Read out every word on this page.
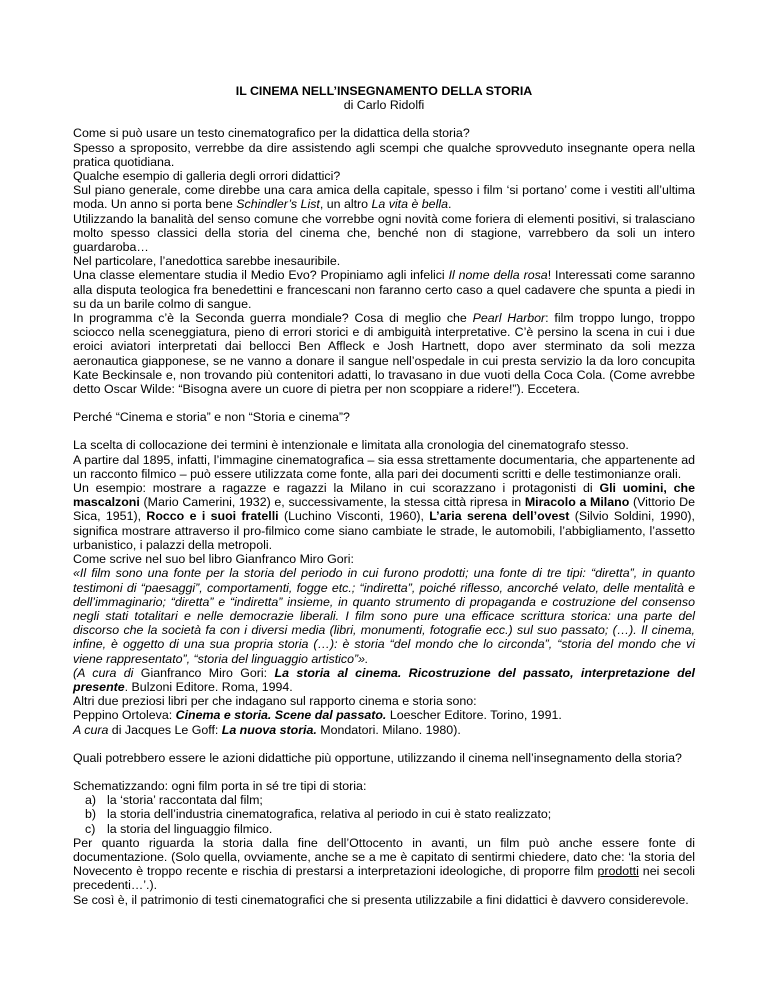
IL CINEMA NELL’INSEGNAMENTO DELLA STORIA

di Carlo Ridolfi

Come si può usare un testo cinematografico per la didattica della storia?

Spesso a sproposito, verrebbe da dire assistendo agli scempi che qualche sprovveduto insegnante opera nella pratica quotidiana.

Qualche esempio di galleria degli orrori didattici?

Sul piano generale, come direbbe una cara amica della capitale, spesso i film ‘si portano’ come i vestiti all’ultima moda. Un anno si porta bene Schindler’s List, un altro La vita è bella.

Utilizzando la banalità del senso comune che vorrebbe ogni novità come foriera di elementi positivi, si tralasciano molto spesso classici della storia del cinema che, benché non di stagione, varrebbero da soli un intero guardaroba…

Nel particolare, l’anedottica sarebbe inesauribile.

Una classe elementare studia il Medio Evo? Propiniamo agli infelici Il nome della rosa! Interessati come saranno alla disputa teologica fra benedettini e francescani non faranno certo caso a quel cadavere che spunta a piedi in su da un barile colmo di sangue.

In programma c’è la Seconda guerra mondiale? Cosa di meglio che Pearl Harbor: film troppo lungo, troppo sciocco nella sceneggiatura, pieno di errori storici e di ambiguità interpretative. C’è persino la scena in cui i due eroici aviatori interpretati dai bellocci Ben Affleck e Josh Hartnett, dopo aver sterminato da soli mezza aeronautica giapponese, se ne vanno a donare il sangue nell’ospedale in cui presta servizio la da loro concupita Kate Beckinsale e, non trovando più contenitori adatti, lo travasano in due vuoti della Coca Cola. (Come avrebbe detto Oscar Wilde: “Bisogna avere un cuore di pietra per non scoppiare a ridere!”). Eccetera.

Perché “Cinema e storia” e non “Storia e cinema”?

La scelta di collocazione dei termini è intenzionale e limitata alla cronologia del cinematografo stesso.

A partire dal 1895, infatti, l’immagine cinematografica – sia essa strettamente documentaria, che appartenente ad un racconto filmico – può essere utilizzata come fonte, alla pari dei documenti scritti e delle testimonianze orali.

Un esempio: mostrare a ragazze e ragazzi la Milano in cui scorazzano i protagonisti di Gli uomini, che mascalzoni (Mario Camerini, 1932) e, successivamente, la stessa città ripresa in Miracolo a Milano (Vittorio De Sica, 1951), Rocco e i suoi fratelli (Luchino Visconti, 1960), L’aria serena dell’ovest (Silvio Soldini, 1990), significa mostrare attraverso il pro-filmico come siano cambiate le strade, le automobili, l’abbigliamento, l’assetto urbanistico, i palazzi della metropoli.

Come scrive nel suo bel libro Gianfranco Miro Gori:

«Il film sono una fonte per la storia del periodo in cui furono prodotti; una fonte di tre tipi: “diretta”, in quanto testimoni di “paesaggi”, comportamenti, fogge etc.; “indiretta”, poiché riflesso, ancorché velato, delle mentalità e dell’immaginario; “diretta” e “indiretta” insieme, in quanto strumento di propaganda e costruzione del consenso negli stati totalitari e nelle democrazie liberali. I film sono pure una efficace scrittura storica: una parte del discorso che la società fa con i diversi media (libri, monumenti, fotografie ecc.) sul suo passato; (…). Il cinema, infine, è oggetto di una sua propria storia (…): è storia “del mondo che lo circonda”, “storia del mondo che vi viene rappresentato”, “storia del linguaggio artistico”».

(A cura di Gianfranco Miro Gori: La storia al cinema. Ricostruzione del passato, interpretazione del presente. Bulzoni Editore. Roma, 1994.

Altri due preziosi libri per che indagano sul rapporto cinema e storia sono:

Peppino Ortoleva: Cinema e storia. Scene dal passato. Loescher Editore. Torino, 1991.

A cura di Jacques Le Goff: La nuova storia. Mondatori. Milano. 1980).

Quali potrebbero essere le azioni didattiche più opportune, utilizzando il cinema nell’insegnamento della storia?

Schematizzando: ogni film porta in sé tre tipi di storia:

a) la ‘storia’ raccontata dal film;
b) la storia dell’industria cinematografica, relativa al periodo in cui è stato realizzato;
c) la storia del linguaggio filmico.

Per quanto riguarda la storia dalla fine dell’Ottocento in avanti, un film può anche essere fonte di documentazione. (Solo quella, ovviamente, anche se a me è capitato di sentirmi chiedere, dato che: ‘la storia del Novecento è troppo recente e rischia di prestarsi a interpretazioni ideologiche, di proporre film prodotti nei secoli precedenti…’.).

Se così è, il patrimonio di testi cinematografici che si presenta utilizzabile a fini didattici è davvero considerevole.
